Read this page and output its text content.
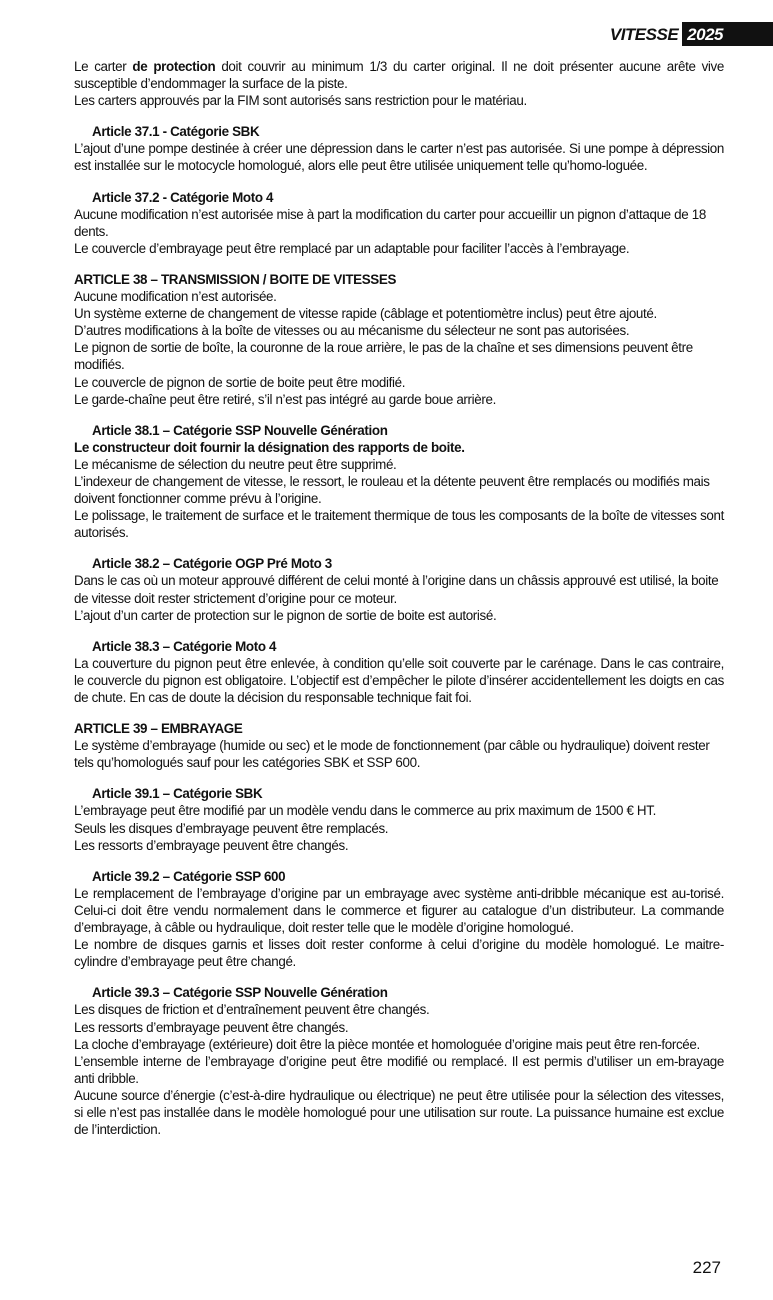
VITESSE 2025

Le carter de protection doit couvrir au minimum 1/3 du carter original. Il ne doit présenter aucune arête vive susceptible d’endommager la surface de la piste.

Les carters approuvés par la FIM sont autorisés sans restriction pour le matériau.

Article 37.1 - Catégorie SBK

L’ajout d’une pompe destinée à créer une dépression dans le carter n’est pas autorisée. Si une pompe à dépression est installée sur le motocycle homologué, alors elle peut être utilisée uniquement telle qu’homo-loguée.

Article 37.2 - Catégorie Moto 4

Aucune modification n’est autorisée mise à part la modification du carter pour accueillir un pignon d’attaque de 18 dents.

Le couvercle d’embrayage peut être remplacé par un adaptable pour faciliter l’accès à l’embrayage.

ARTICLE 38 – TRANSMISSION / BOITE DE VITESSES

Aucune modification n’est autorisée.

Un système externe de changement de vitesse rapide (câblage et potentiomètre inclus) peut être ajouté.

D’autres modifications à la boîte de vitesses ou au mécanisme du sélecteur ne sont pas autorisées.

Le pignon de sortie de boîte, la couronne de la roue arrière, le pas de la chaîne et ses dimensions peuvent être modifiés.

Le couvercle de pignon de sortie de boite peut être modifié.

Le garde-chaîne peut être retiré, s’il n’est pas intégré au garde boue arrière.

Article 38.1 – Catégorie SSP Nouvelle Génération

Le constructeur doit fournir la désignation des rapports de boite.

Le mécanisme de sélection du neutre peut être supprimé.

L’indexeur de changement de vitesse, le ressort, le rouleau et la détente peuvent être remplacés ou modifiés mais doivent fonctionner comme prévu à l’origine.

Le polissage, le traitement de surface et le traitement thermique de tous les composants de la boîte de vitesses sont autorisés.

Article 38.2 – Catégorie OGP Pré Moto 3

Dans le cas où un moteur approuvé différent de celui monté à l’origine dans un châssis approuvé est utilisé, la boite de vitesse doit rester strictement d’origine pour ce moteur.

L’ajout d’un carter de protection sur le pignon de sortie de boite est autorisé.

Article 38.3 – Catégorie Moto 4

La couverture du pignon peut être enlevée, à condition qu’elle soit couverte par le carénage. Dans le cas contraire, le couvercle du pignon est obligatoire. L’objectif est d’empêcher le pilote d’insérer accidentellement les doigts en cas de chute. En cas de doute la décision du responsable technique fait foi.

ARTICLE 39 – EMBRAYAGE

Le système d’embrayage (humide ou sec) et le mode de fonctionnement (par câble ou hydraulique) doivent rester tels qu’homologués sauf pour les catégories SBK et SSP 600.

Article 39.1 – Catégorie SBK

L’embrayage peut être modifié par un modèle vendu dans le commerce au prix maximum de 1500 € HT.

Seuls les disques d’embrayage peuvent être remplacés.

Les ressorts d’embrayage peuvent être changés.

Article 39.2 – Catégorie SSP 600

Le remplacement de l’embrayage d’origine par un embrayage avec système anti-dribble mécanique est au-torisé. Celui-ci doit être vendu normalement dans le commerce et figurer au catalogue d’un distributeur. La commande d’embrayage, à câble ou hydraulique, doit rester telle que le modèle d’origine homologué.

Le nombre de disques garnis et lisses doit rester conforme à celui d’origine du modèle homologué. Le maitre-cylindre d’embrayage peut être changé.

Article 39.3 – Catégorie SSP Nouvelle Génération

Les disques de friction et d’entraînement peuvent être changés.

Les ressorts d’embrayage peuvent être changés.

La cloche d’embrayage (extérieure) doit être la pièce montée et homologuée d’origine mais peut être ren-forcée.

L’ensemble interne de l’embrayage d’origine peut être modifié ou remplacé. Il est permis d’utiliser un em-brayage anti dribble.

Aucune source d’énergie (c’est-à-dire hydraulique ou électrique) ne peut être utilisée pour la sélection des vitesses, si elle n’est pas installée dans le modèle homologué pour une utilisation sur route. La puissance humaine est exclue de l’interdiction.

227
